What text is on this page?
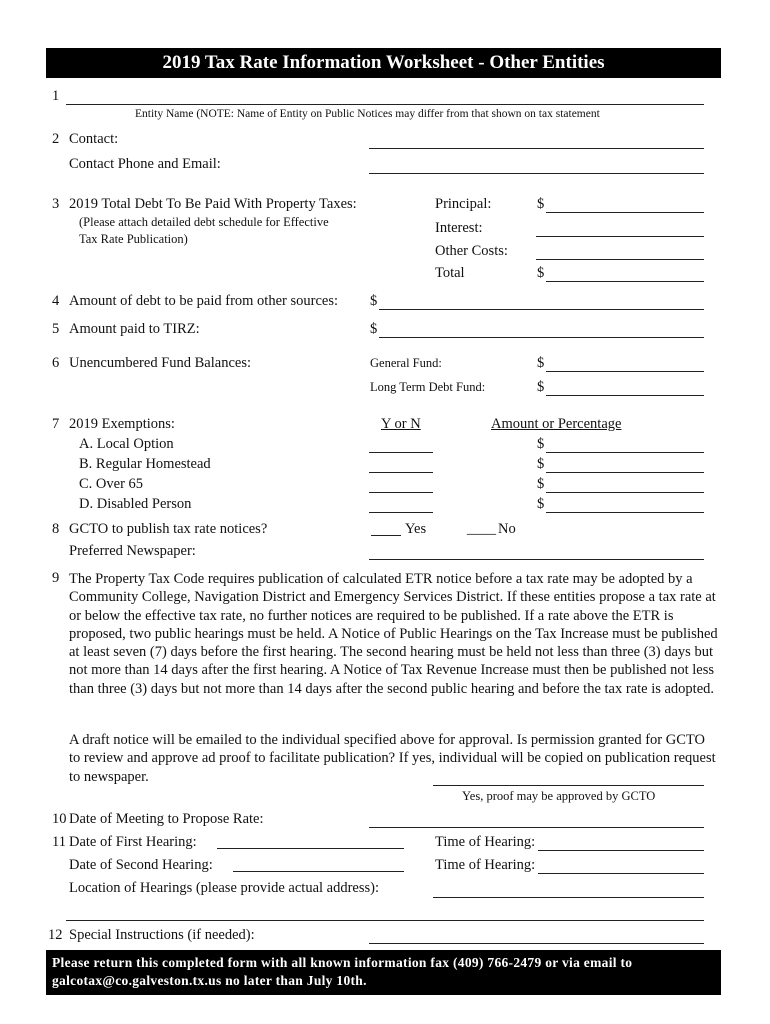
2019 Tax Rate Information Worksheet - Other Entities
1
Entity Name (NOTE: Name of Entity on Public Notices may differ from that shown on tax statement
2 Contact:
Contact Phone and Email:
3 2019 Total Debt To Be Paid With Property Taxes:
(Please attach detailed debt schedule for Effective
Tax Rate Publication)
Principal:	$
Interest:
Other Costs:
Total	$
4 Amount of debt to be paid from other sources: $
5 Amount paid to TIRZ:	$
6 Unencumbered Fund Balances:	General Fund:	$
Long Term Debt Fund:	$
7 2019 Exemptions:	Y or N	Amount or Percentage
A. Local Option	$
B. Regular Homestead	$
C. Over 65	$
D. Disabled Person	$
8 GCTO to publish tax rate notices?	Yes	____ No
Preferred Newspaper:
9 The Property Tax Code requires publication of calculated ETR notice before a tax rate may be adopted by a Community College, Navigation District and Emergency Services District. If these entities propose a tax rate at or below the effective tax rate, no further notices are required to be published. If a rate above the ETR is proposed, two public hearings must be held. A Notice of Public Hearings on the Tax Increase must be published at least seven (7) days before the first hearing. The second hearing must be held not less than three (3) days but not more than 14 days after the first hearing. A Notice of Tax Revenue Increase must then be published not less than three (3) days but not more than 14 days after the second public hearing and before the tax rate is adopted.
A draft notice will be emailed to the individual specified above for approval. Is permission granted for GCTO to review and approve ad proof to facilitate publication? If yes, individual will be copied on publication request to newspaper.
Yes, proof may be approved by GCTO
10 Date of Meeting to Propose Rate:
11 Date of First Hearing:	Time of Hearing:
Date of Second Hearing:	Time of Hearing:
Location of Hearings (please provide actual address):
12 Special Instructions (if needed):
Please return this completed form with all known information fax (409) 766-2479 or via email to
galcotax@co.galveston.tx.us no later than July 10th.
